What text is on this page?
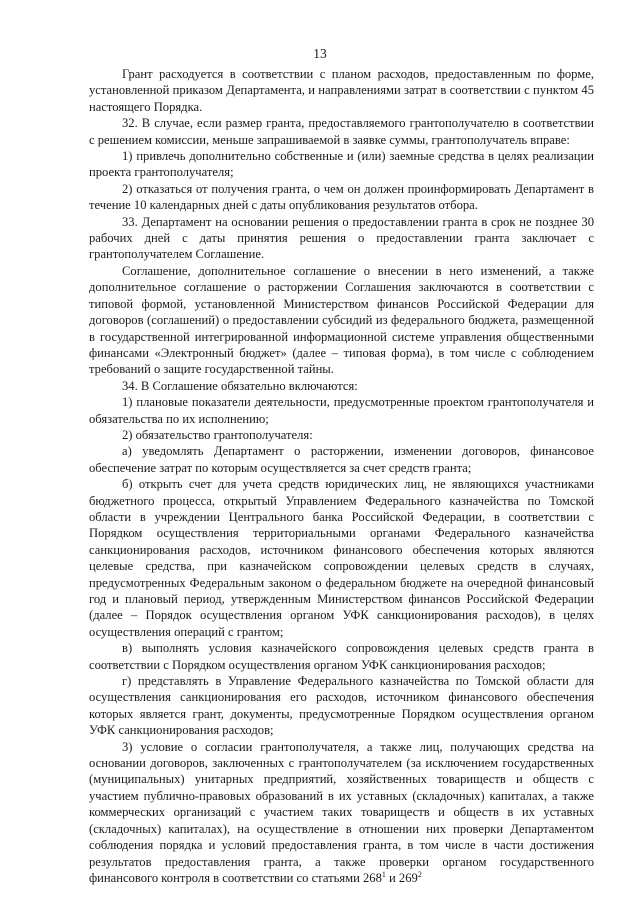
13

Грант расходуется в соответствии с планом расходов, предоставленным по форме, установленной приказом Департамента, и направлениями затрат в соответствии с пунктом 45 настоящего Порядка.

32. В случае, если размер гранта, предоставляемого грантополучателю в соответствии с решением комиссии, меньше запрашиваемой в заявке суммы, грантополучатель вправе:

1) привлечь дополнительно собственные и (или) заемные средства в целях реализации проекта грантополучателя;

2) отказаться от получения гранта, о чем он должен проинформировать Департамент в течение 10 календарных дней с даты опубликования результатов отбора.

33. Департамент на основании решения о предоставлении гранта в срок не позднее 30 рабочих дней с даты принятия решения о предоставлении гранта заключает с грантополучателем Соглашение.

Соглашение, дополнительное соглашение о внесении в него изменений, а также дополнительное соглашение о расторжении Соглашения заключаются в соответствии с типовой формой, установленной Министерством финансов Российской Федерации для договоров (соглашений) о предоставлении субсидий из федерального бюджета, размещенной в государственной интегрированной информационной системе управления общественными финансами «Электронный бюджет» (далее – типовая форма), в том числе с соблюдением требований о защите государственной тайны.

34. В Соглашение обязательно включаются:

1) плановые показатели деятельности, предусмотренные проектом грантополучателя и обязательства по их исполнению;

2) обязательство грантополучателя:

а) уведомлять Департамент о расторжении, изменении договоров, финансовое обеспечение затрат по которым осуществляется за счет средств гранта;

б) открыть счет для учета средств юридических лиц, не являющихся участниками бюджетного процесса, открытый Управлением Федерального казначейства по Томской области в учреждении Центрального банка Российской Федерации, в соответствии с Порядком осуществления территориальными органами Федерального казначейства санкционирования расходов, источником финансового обеспечения которых являются целевые средства, при казначейском сопровождении целевых средств в случаях, предусмотренных Федеральным законом о федеральном бюджете на очередной финансовый год и плановый период, утвержденным Министерством финансов Российской Федерации (далее – Порядок осуществления органом УФК санкционирования расходов), в целях осуществления операций с грантом;

в) выполнять условия казначейского сопровождения целевых средств гранта в соответствии с Порядком осуществления органом УФК санкционирования расходов;

г) представлять в Управление Федерального казначейства по Томской области для осуществления санкционирования его расходов, источником финансового обеспечения которых является грант, документы, предусмотренные Порядком осуществления органом УФК санкционирования расходов;

3) условие о согласии грантополучателя, а также лиц, получающих средства на основании договоров, заключенных с грантополучателем (за исключением государственных (муниципальных) унитарных предприятий, хозяйственных товариществ и обществ с участием публично-правовых образований в их уставных (складочных) капиталах, а также коммерческих организаций с участием таких товариществ и обществ в их уставных (складочных) капиталах), на осуществление в отношении них проверки Департаментом соблюдения порядка и условий предоставления гранта, в том числе в части достижения результатов предоставления гранта, а также проверки органом государственного финансового контроля в соответствии со статьями $268^1$ и $269^2$
